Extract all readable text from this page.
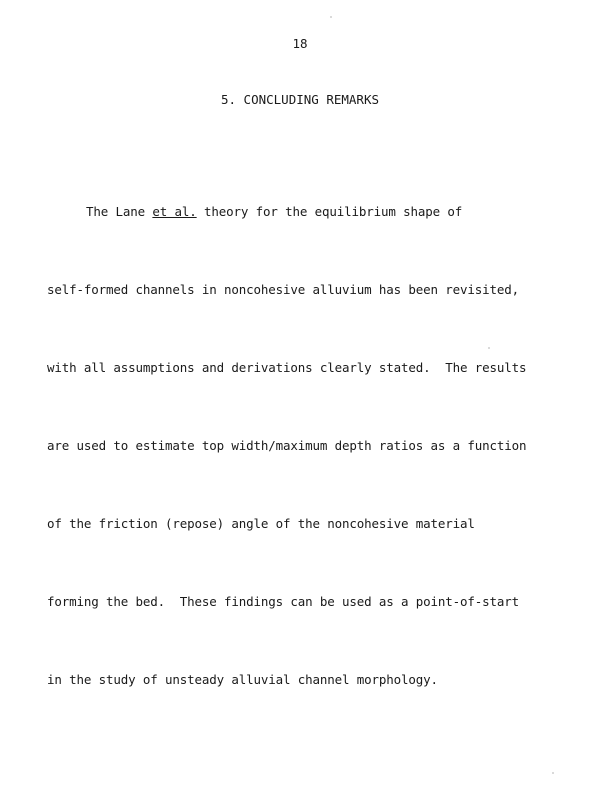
18
5. CONCLUDING REMARKS

The Lane et al. theory for the equilibrium shape of

self-formed channels in noncohesive alluvium has been revisited,

with all assumptions and derivations clearly stated.  The results

are used to estimate top width/maximum depth ratios as a function

of the friction (repose) angle of the noncohesive material

forming the bed.  These findings can be used as a point-of-start

in the study of unsteady alluvial channel morphology.
